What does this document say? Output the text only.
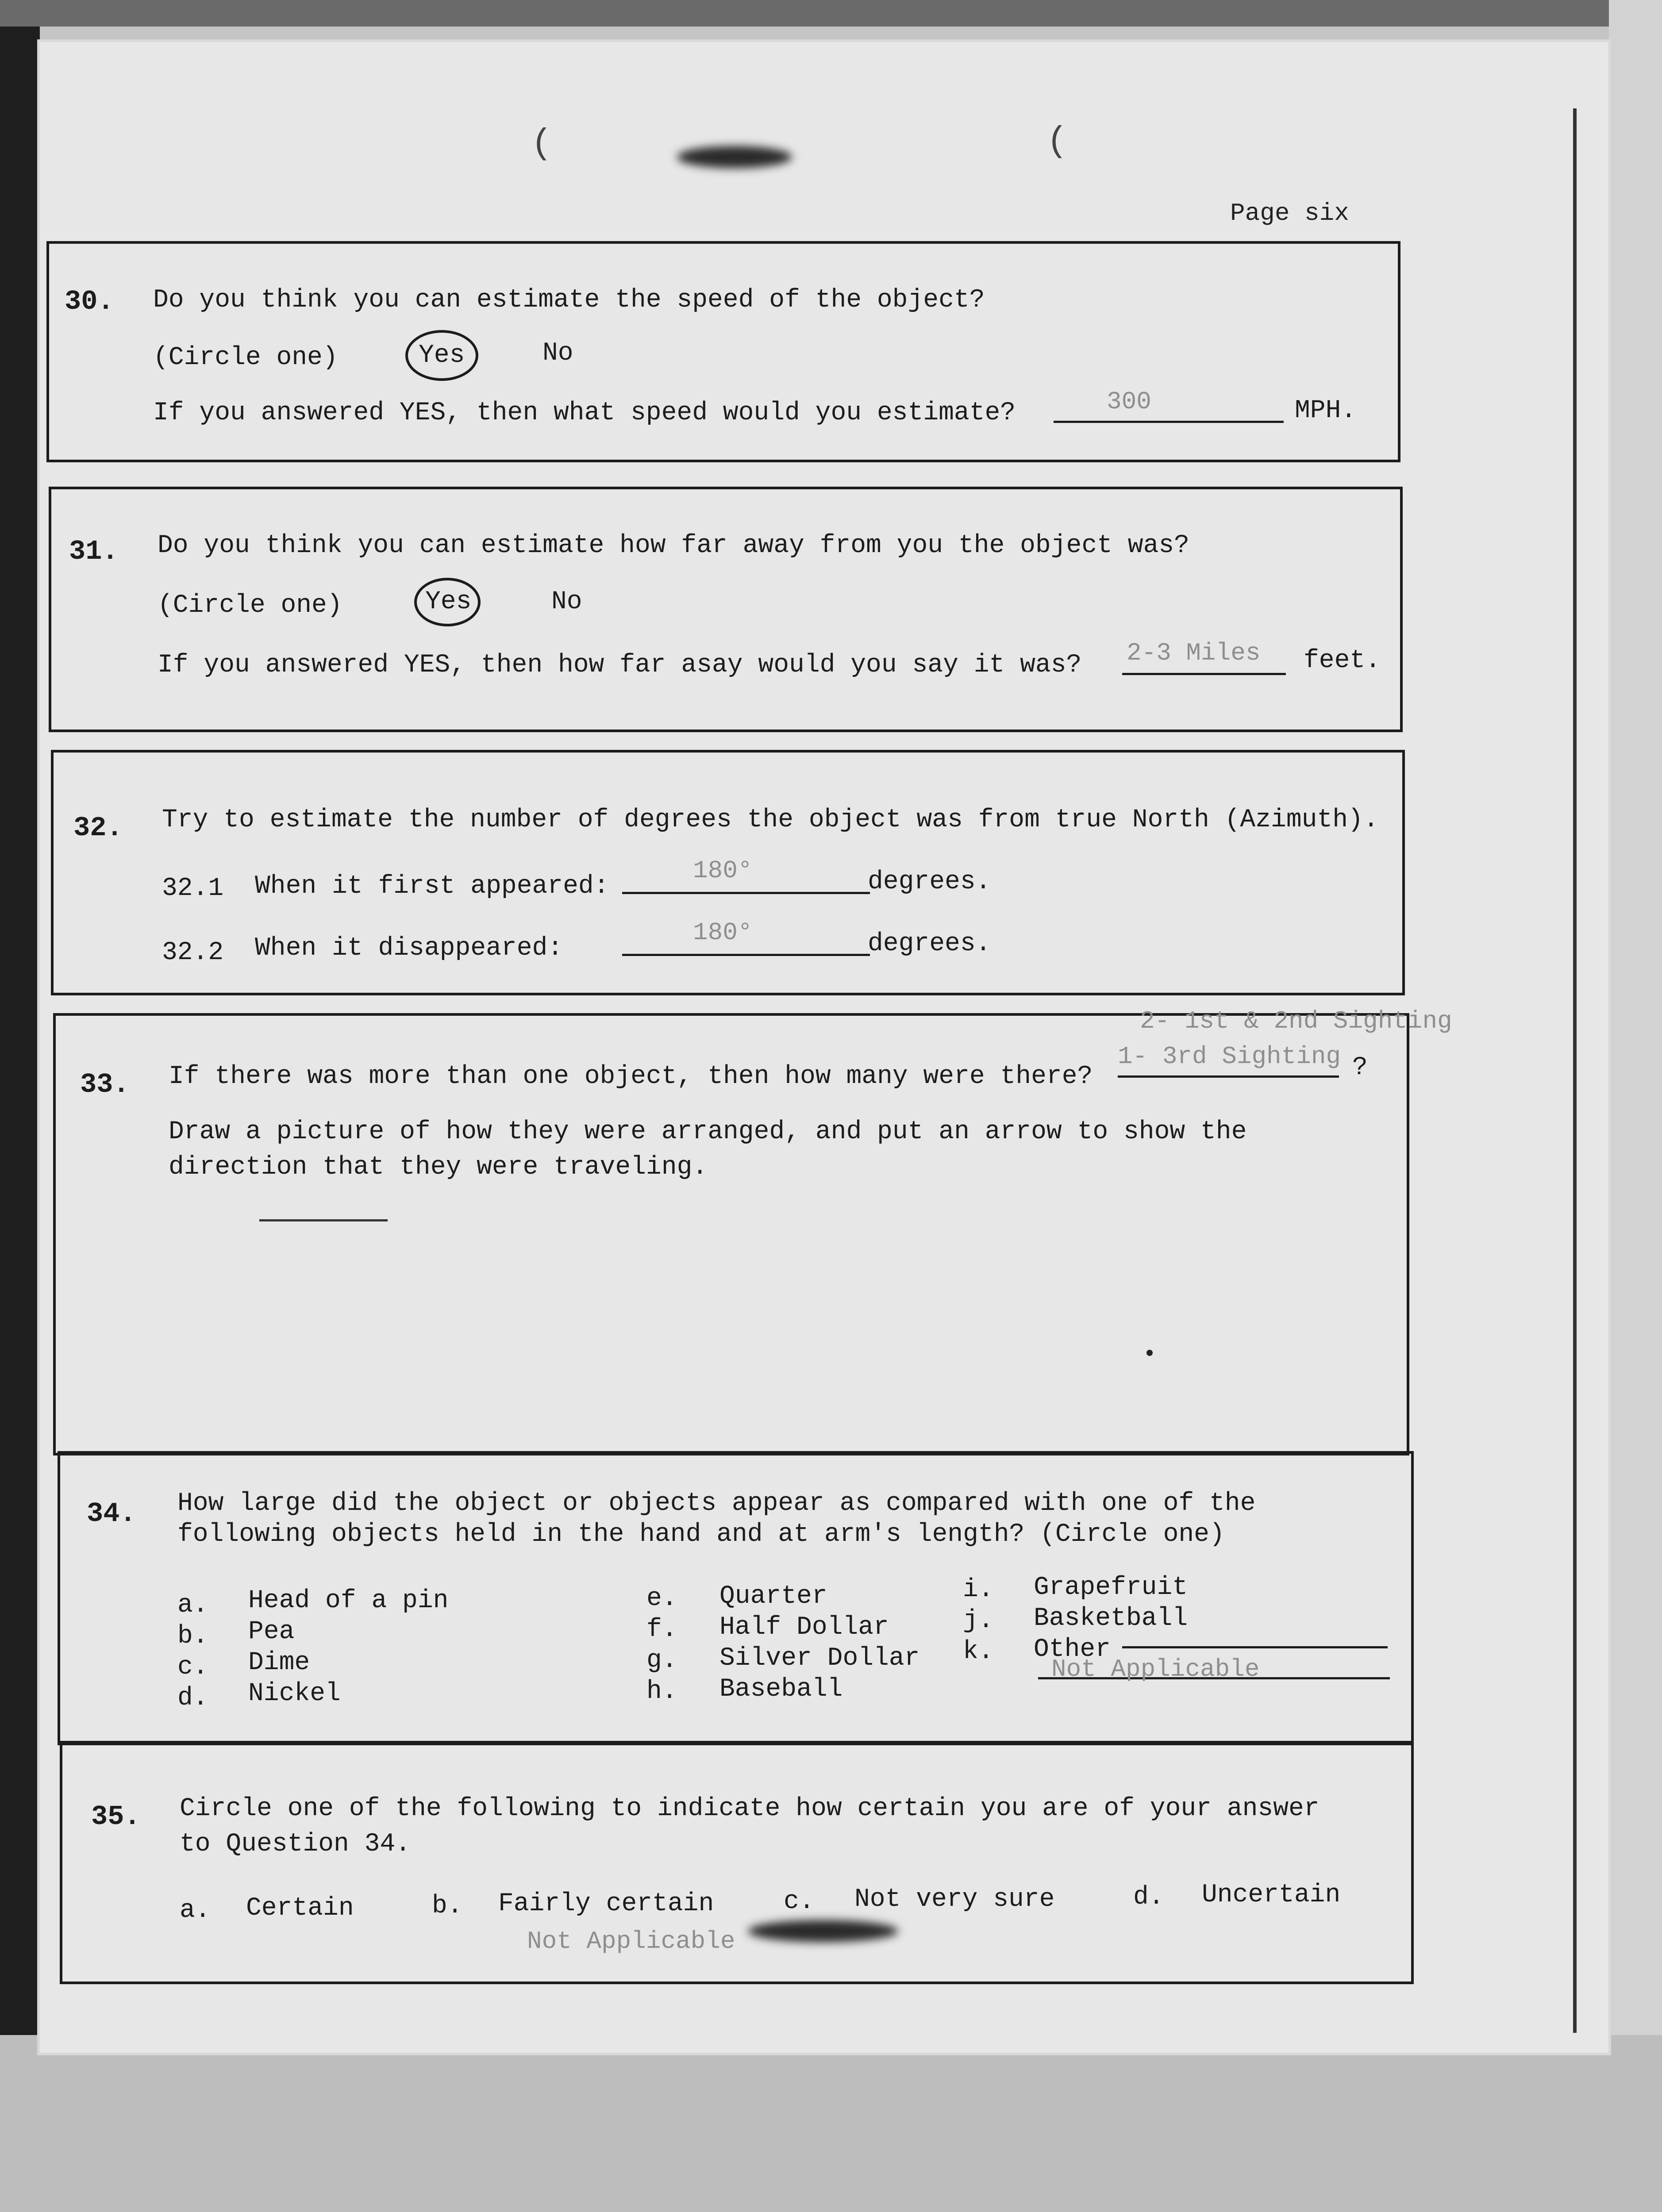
(	(
Page six
30. Do you think you can estimate the speed of the object?
(Circle one)	Yes	No
If you answered YES, then what speed would you estimate?	300	MPH.
31. Do you think you can estimate how far away from you the object was?
(Circle one)	Yes	No
If you answered YES, then how far asay would you say it was? 2-3 Miles feet.
32. Try to estimate the number of degrees the object was from true North (Azimuth).
32.1 When it first appeared:
180°	degrees.
32.2 When it disappeared:
180°	degrees.
2- 1st & 2nd Sighting
33. If there was more than one object, then how many were there?
1- 3rd Sighting ?
Draw a picture of how they were arranged, and put an arrow to show the
direction that they were traveling.
34. How large did the object or objects appear as compared with one of the
following objects held in the hand and at arm's length? (Circle one)
a. Head of a pin
b. Pea
c. Dime
d. Nickel
e. Quarter
f. Half Dollar
g. Silver Dollar
h. Baseball
i. Grapefruit
j. Basketball
k. Other
Not Applicable
35. Circle one of the following to indicate how certain you are of your answer
to Question 34.
a. Certain	b. Fairly certain	c. Not very sure	d. Uncertain
Not Applicable
